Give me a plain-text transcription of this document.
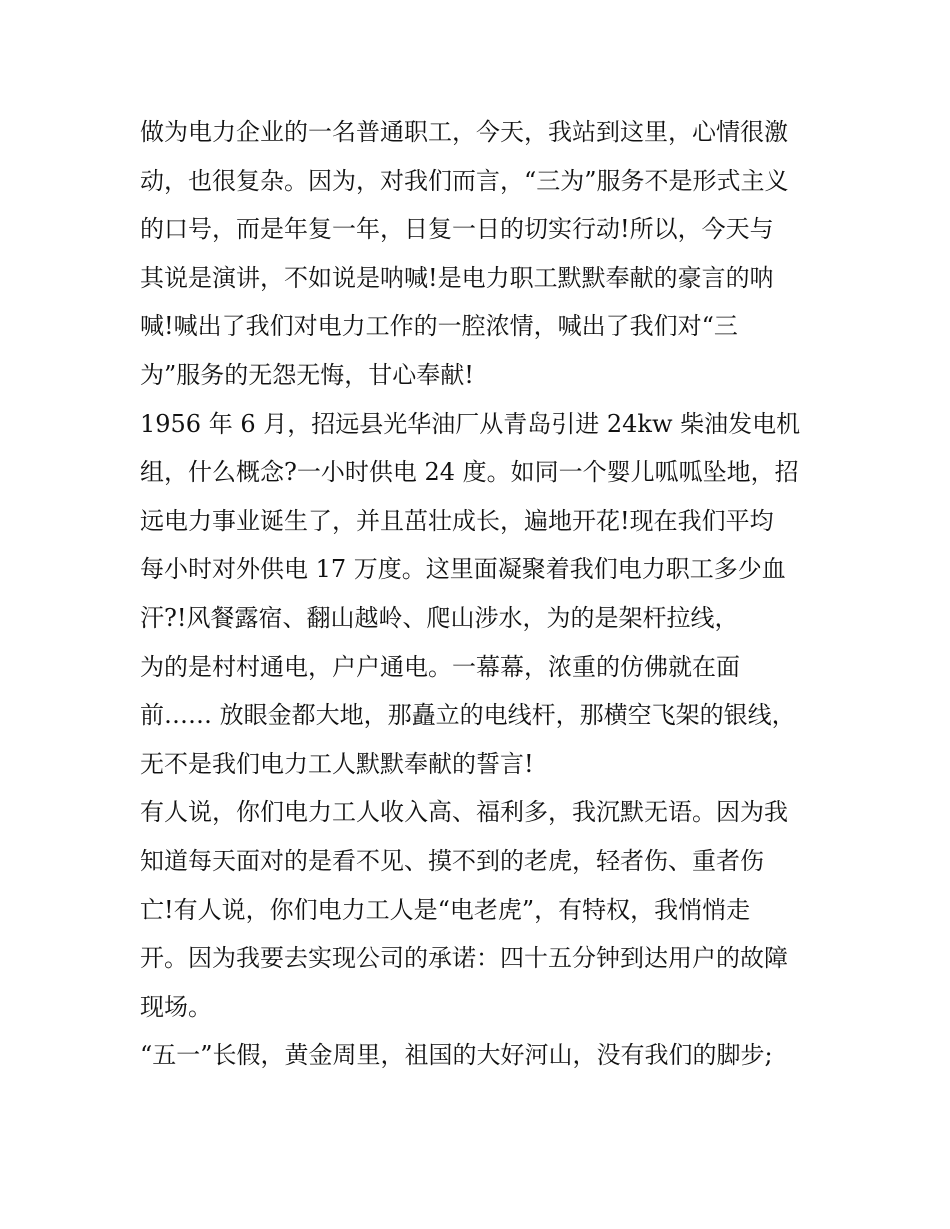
做为电力企业的一名普通职工，今天，我站到这里，心情很激
动，也很复杂。因为，对我们而言，“三为”服务不是形式主义
的口号，而是年复一年，日复一日的切实行动!所以，今天与
其说是演讲，不如说是呐喊!是电力职工默默奉献的豪言的呐
喊!喊出了我们对电力工作的一腔浓情，喊出了我们对“三
为”服务的无怨无悔，甘心奉献!
1956 年 6 月，招远县光华油厂从青岛引进 24kw 柴油发电机
组，什么概念?一小时供电 24 度。如同一个婴儿呱呱坠地，招
远电力事业诞生了，并且茁壮成长，遍地开花!现在我们平均
每小时对外供电 17 万度。这里面凝聚着我们电力职工多少血
汗?!风餐露宿、翻山越岭、爬山涉水，为的是架杆拉线，
为的是村村通电，户户通电。一幕幕，浓重的仿佛就在面
前…… 放眼金都大地，那矗立的电线杆，那横空飞架的银线，
无不是我们电力工人默默奉献的誓言!
有人说，你们电力工人收入高、福利多，我沉默无语。因为我
知道每天面对的是看不见、摸不到的老虎，轻者伤、重者伤
亡!有人说，你们电力工人是“电老虎”，有特权，我悄悄走
开。因为我要去实现公司的承诺：四十五分钟到达用户的故障
现场。
“五一”长假，黄金周里，祖国的大好河山，没有我们的脚步;
